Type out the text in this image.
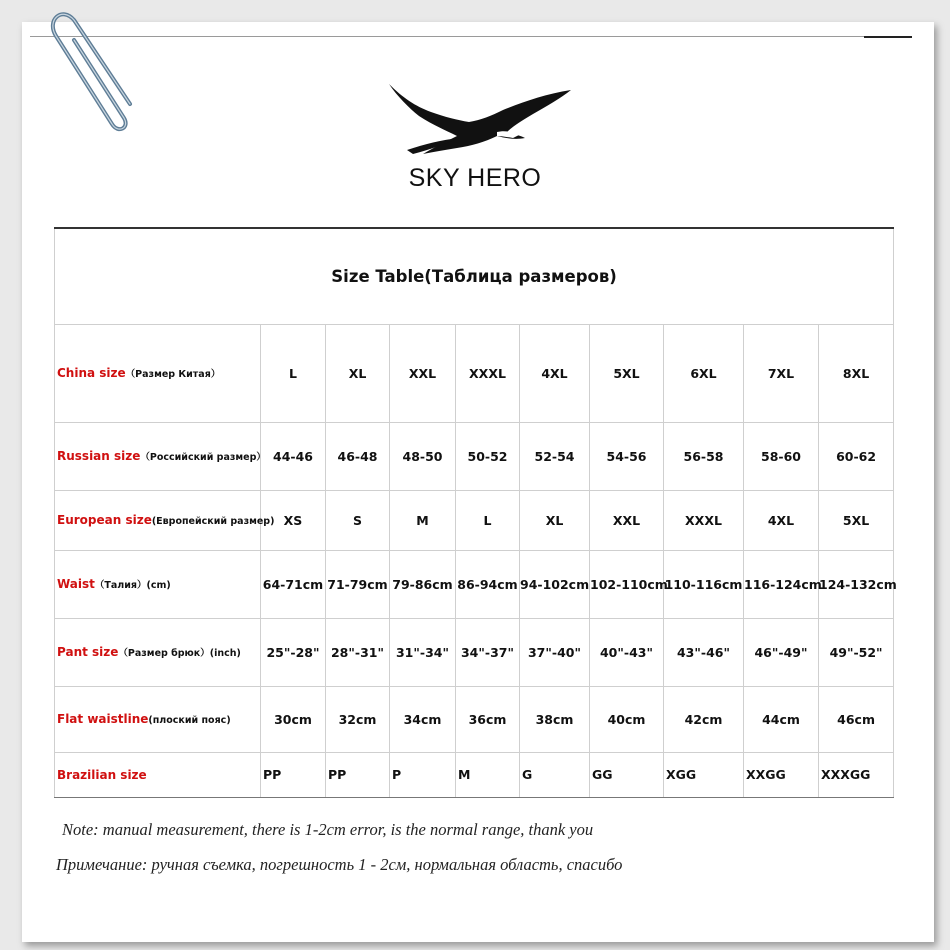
SKY HERO
Size Table(Таблица размеров)									
China size（Размер Китая）	L	XL	XXL	XXXL	4XL	5XL	6XL	7XL	8XL
Russian size（Российский размер）	44-46	46-48	48-50	50-52	52-54	54-56	56-58	58-60	60-62
European size(Европейский размер)	XS	S	M	L	XL	XXL	XXXL	4XL	5XL
Waist（Талия）(cm)	64-71cm	71-79cm	79-86cm	86-94cm	94-102cm	102-110cm	110-116cm	116-124cm	124-132cm
Pant size（Размер брюк）(inch)	25"-28"	28"-31"	31"-34"	34"-37"	37"-40"	40"-43"	43"-46"	46"-49"	49"-52"
Flat waistline(плоский пояс)	30cm	32cm	34cm	36cm	38cm	40cm	42cm	44cm	46cm
Brazilian size	PP	PP	P	M	G	GG	XGG	XXGG	XXXGG
Note: manual measurement, there is 1-2cm error, is the normal range, thank you
Примечание: ручная съемка, погрешность 1 - 2см, нормальная область, спасибо
